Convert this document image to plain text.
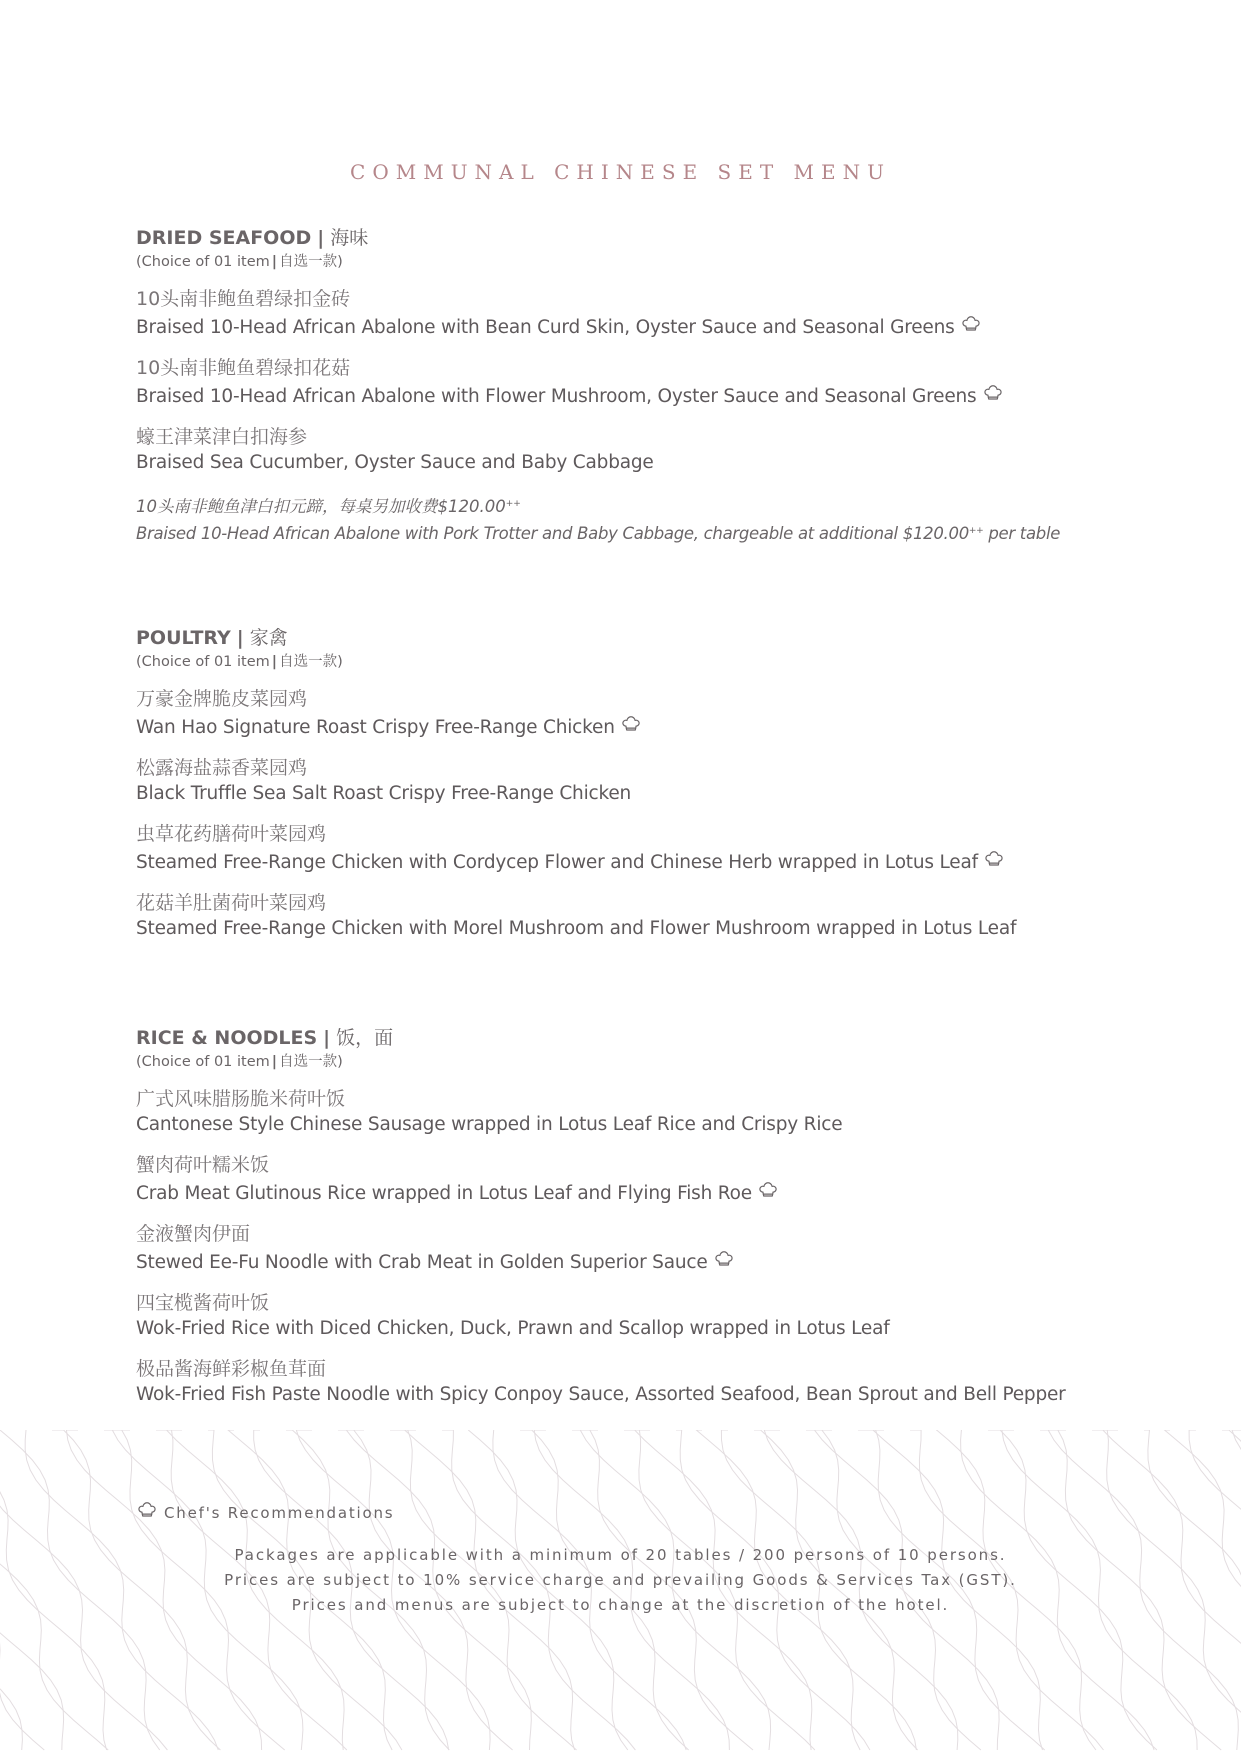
COMMUNAL CHINESE SET MENU
DRIED SEAFOOD | 海味
(Choice of 01 item | 自选一款)
10头南非鲍鱼碧绿扣金砖
Braised 10-Head African Abalone with Bean Curd Skin, Oyster Sauce and Seasonal Greens
10头南非鲍鱼碧绿扣花菇
Braised 10-Head African Abalone with Flower Mushroom, Oyster Sauce and Seasonal Greens
蠔王津菜津白扣海参
Braised Sea Cucumber, Oyster Sauce and Baby Cabbage
10头南非鲍鱼津白扣元蹄，每桌另加收费$120.00++
Braised 10-Head African Abalone with Pork Trotter and Baby Cabbage, chargeable at additional $120.00++ per table
POULTRY | 家禽
(Choice of 01 item | 自选一款)
万豪金牌脆皮菜园鸡
Wan Hao Signature Roast Crispy Free-Range Chicken
松露海盐蒜香菜园鸡
Black Truffle Sea Salt Roast Crispy Free-Range Chicken
虫草花药膳荷叶菜园鸡
Steamed Free-Range Chicken with Cordycep Flower and Chinese Herb wrapped in Lotus Leaf
花菇羊肚菌荷叶菜园鸡
Steamed Free-Range Chicken with Morel Mushroom and Flower Mushroom wrapped in Lotus Leaf
RICE & NOODLES | 饭，面
(Choice of 01 item | 自选一款)
广式风味腊肠脆米荷叶饭
Cantonese Style Chinese Sausage wrapped in Lotus Leaf Rice and Crispy Rice
蟹肉荷叶糯米饭
Crab Meat Glutinous Rice wrapped in Lotus Leaf and Flying Fish Roe
金液蟹肉伊面
Stewed Ee-Fu Noodle with Crab Meat in Golden Superior Sauce
四宝榄酱荷叶饭
Wok-Fried Rice with Diced Chicken, Duck, Prawn and Scallop wrapped in Lotus Leaf
极品酱海鲜彩椒鱼茸面
Wok-Fried Fish Paste Noodle with Spicy Conpoy Sauce, Assorted Seafood, Bean Sprout and Bell Pepper
Chef's Recommendations
Packages are applicable with a minimum of 20 tables / 200 persons of 10 persons.
Prices are subject to 10% service charge and prevailing Goods & Services Tax (GST).
Prices and menus are subject to change at the discretion of the hotel.
